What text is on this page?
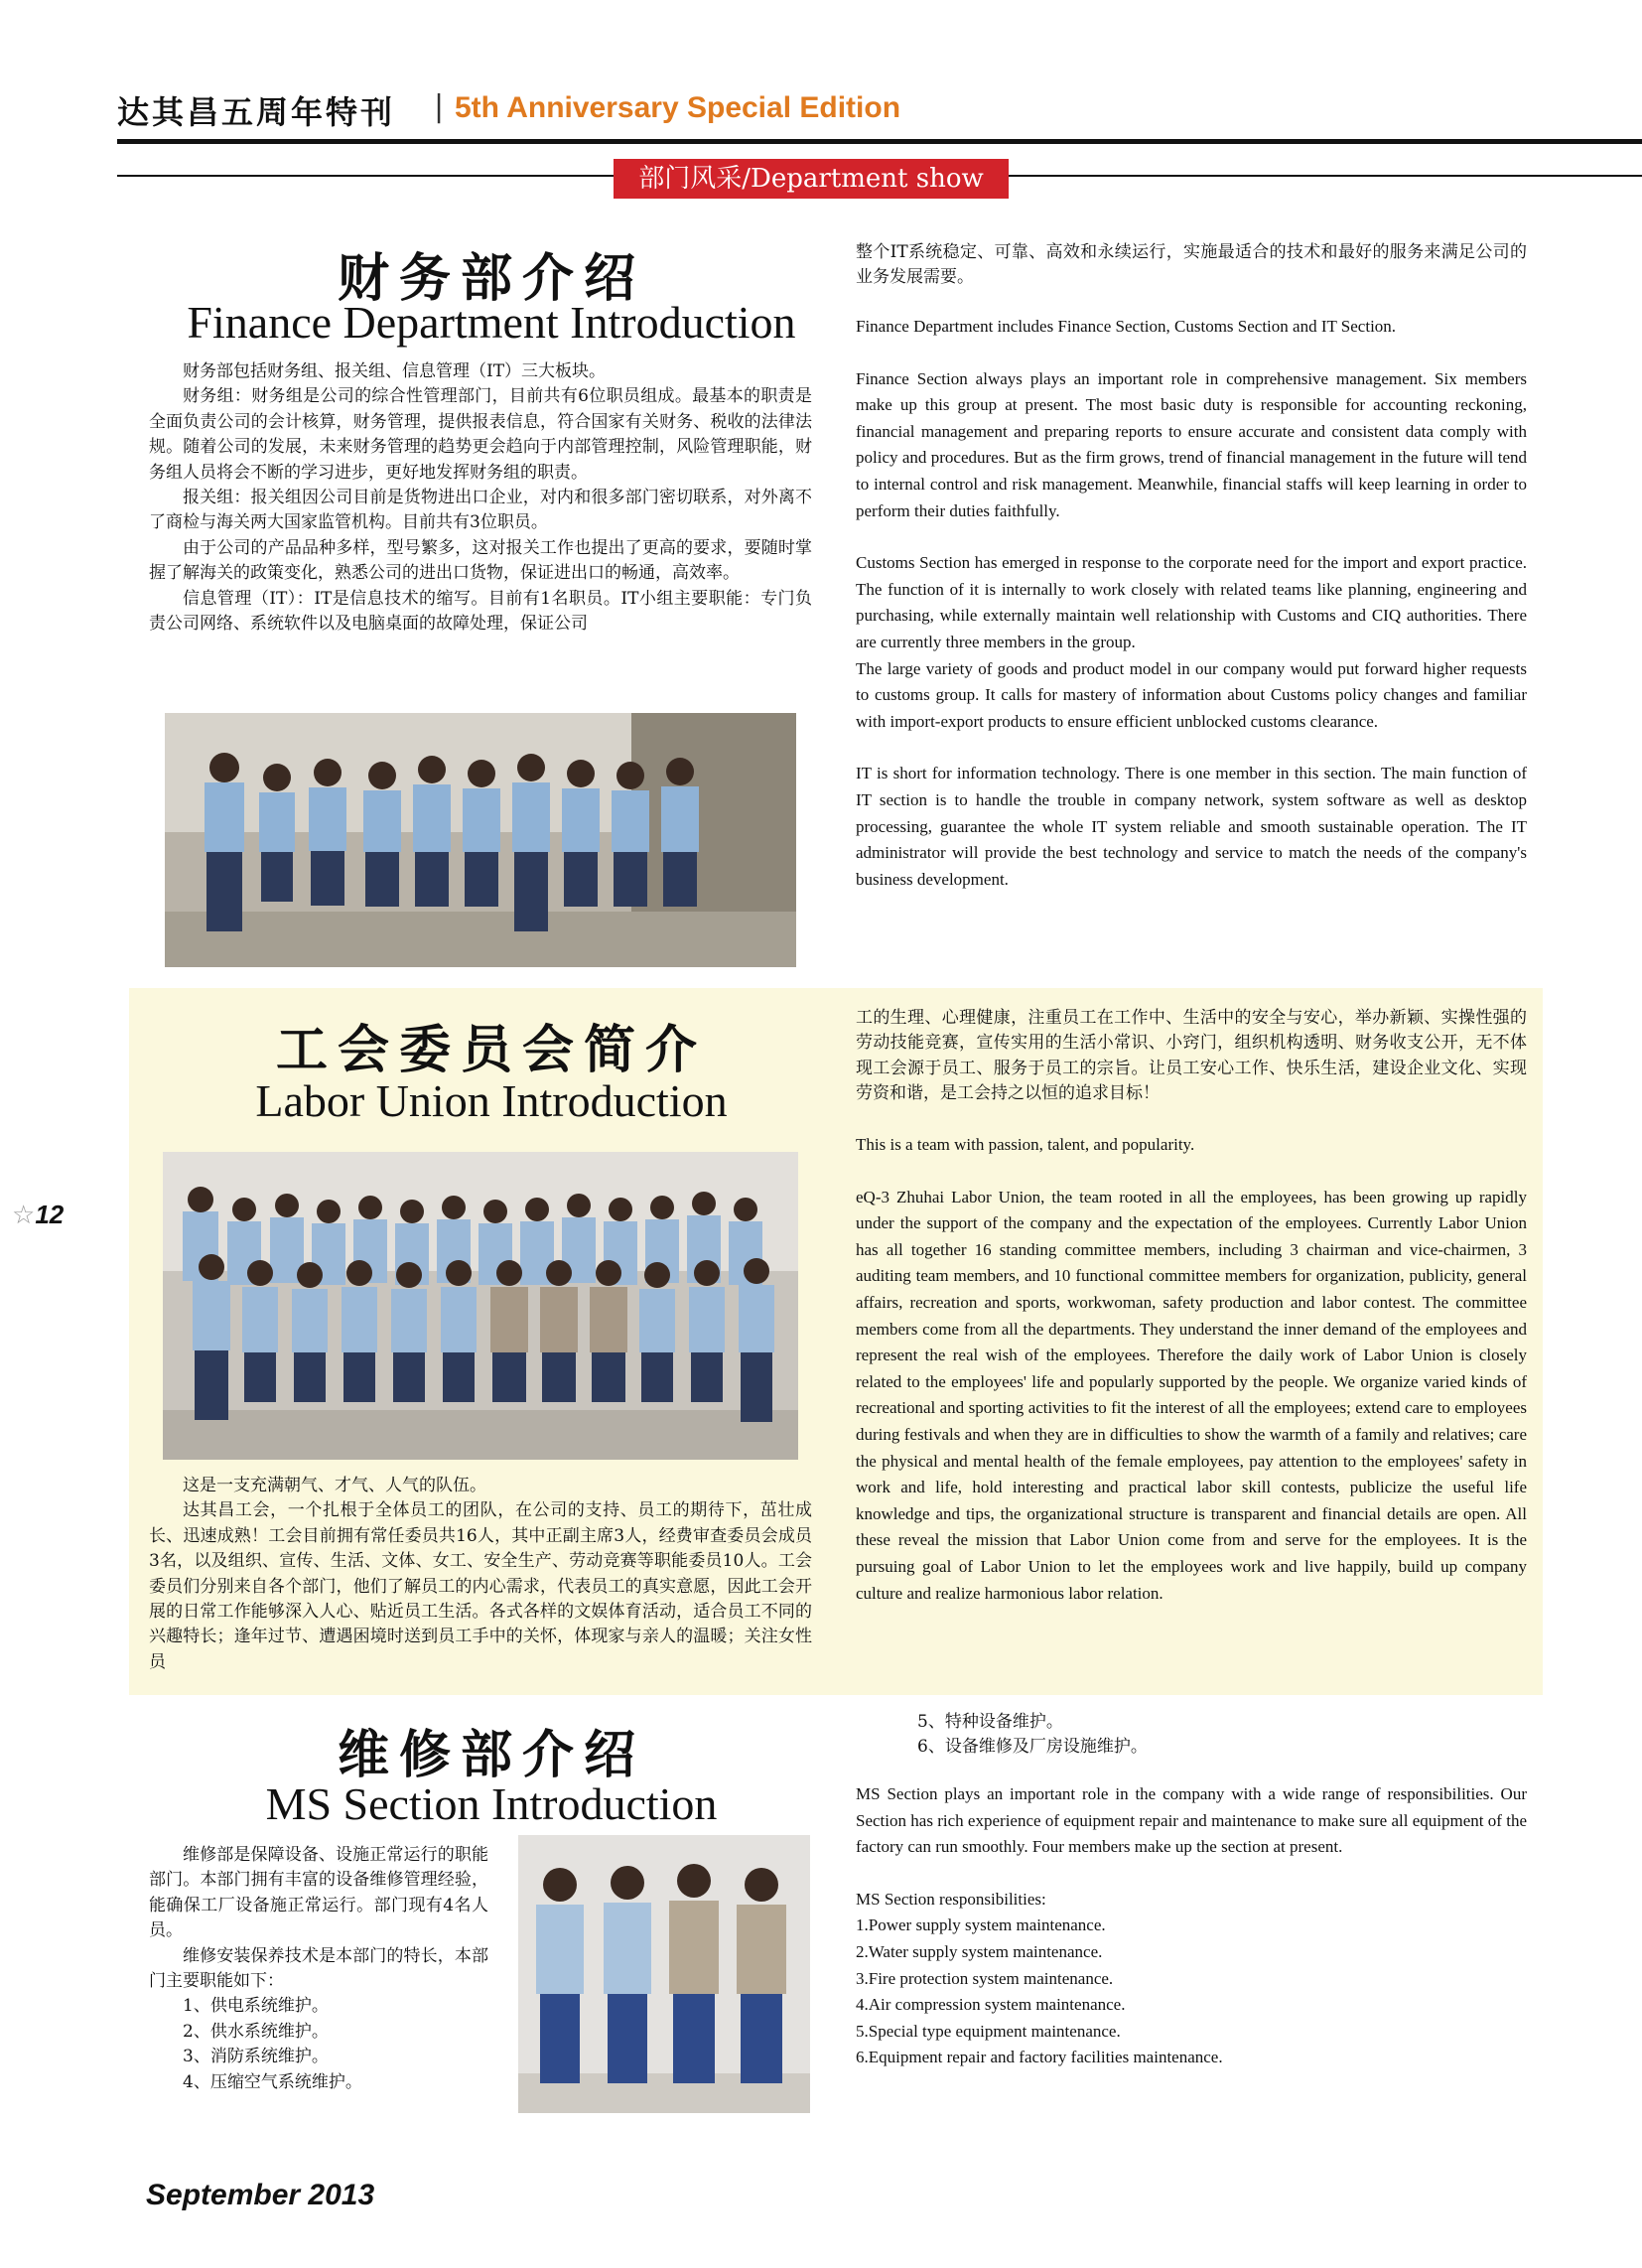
达其昌五周年特刊 | 5th Anniversary Special Edition
部门风采/Department show
财务部介绍
Finance Department Introduction

财务部包括财务组、报关组、信息管理（IT）三大板块。

财务组：财务组是公司的综合性管理部门，目前共有6位职员组成。最基本的职责是全面负责公司的会计核算，财务管理，提供报表信息，符合国家有关财务、税收的法律法规。随着公司的发展，未来财务管理的趋势更会趋向于内部管理控制，风险管理职能，财务组人员将会不断的学习进步，更好地发挥财务组的职责。

报关组：报关组因公司目前是货物进出口企业，对内和很多部门密切联系，对外离不了商检与海关两大国家监管机构。目前共有3位职员。

由于公司的产品品种多样，型号繁多，这对报关工作也提出了更高的要求，要随时掌握了解海关的政策变化，熟悉公司的进出口货物，保证进出口的畅通，高效率。

信息管理（IT）：IT是信息技术的缩写。目前有1名职员。IT小组主要职能：专门负责公司网络、系统软件以及电脑桌面的故障处理，保证公司

整个IT系统稳定、可靠、高效和永续运行，实施最适合的技术和最好的服务来满足公司的业务发展需要。

Finance Department includes Finance Section, Customs Section and IT Section.

Finance Section always plays an important role in comprehensive management. Six members make up this group at present. The most basic duty is responsible for accounting reckoning, financial management and preparing reports to ensure accurate and consistent data comply with policy and procedures. But as the firm grows, trend of financial management in the future will tend to internal control and risk management. Meanwhile, financial staffs will keep learning in order to perform their duties faithfully.

Customs Section has emerged in response to the corporate need for the import and export practice. The function of it is internally to work closely with related teams like planning, engineering and purchasing, while externally maintain well relationship with Customs and CIQ authorities. There are currently three members in the group.

The large variety of goods and product model in our company would put forward higher requests to customs group. It calls for mastery of information about Customs policy changes and familiar with import-export products to ensure efficient unblocked customs clearance.

IT is short for information technology. There is one member in this section. The main function of IT section is to handle the trouble in company network, system software as well as desktop processing, guarantee the whole IT system reliable and smooth sustainable operation. The IT administrator will provide the best technology and service to match the needs of the company's business development.

工会委员会简介
Labor Union Introduction

这是一支充满朝气、才气、人气的队伍。

达其昌工会，一个扎根于全体员工的团队，在公司的支持、员工的期待下，茁壮成长、迅速成熟！工会目前拥有常任委员共16人，其中正副主席3人，经费审查委员会成员3名，以及组织、宣传、生活、文体、女工、安全生产、劳动竞赛等职能委员10人。工会委员们分别来自各个部门，他们了解员工的内心需求，代表员工的真实意愿，因此工会开展的日常工作能够深入人心、贴近员工生活。各式各样的文娱体育活动，适合员工不同的兴趣特长；逢年过节、遭遇困境时送到员工手中的关怀，体现家与亲人的温暖；关注女性员

工的生理、心理健康，注重员工在工作中、生活中的安全与安心，举办新颖、实操性强的劳动技能竞赛，宣传实用的生活小常识、小窍门，组织机构透明、财务收支公开，无不体现工会源于员工、服务于员工的宗旨。让员工安心工作、快乐生活，建设企业文化、实现劳资和谐，是工会持之以恒的追求目标！

This is a team with passion, talent, and popularity.

eQ-3 Zhuhai Labor Union, the team rooted in all the employees, has been growing up rapidly under the support of the company and the expectation of the employees. Currently Labor Union has all together 16 standing committee members, including 3 chairman and vice-chairmen, 3 auditing team members, and 10 functional committee members for organization, publicity, general affairs, recreation and sports, workwoman, safety production and labor contest. The committee members come from all the departments. They understand the inner demand of the employees and represent the real wish of the employees. Therefore the daily work of Labor Union is closely related to the employees' life and popularly supported by the people. We organize varied kinds of recreational and sporting activities to fit the interest of all the employees; extend care to employees during festivals and when they are in difficulties to show the warmth of a family and relatives; care the physical and mental health of the female employees, pay attention to the employees' safety in work and life, hold interesting and practical labor skill contests, publicize the useful life knowledge and tips, the organizational structure is transparent and financial details are open. All these reveal the mission that Labor Union come from and serve for the employees. It is the pursuing goal of Labor Union to let the employees work and live happily, build up company culture and realize harmonious labor relation.

维修部介绍
MS Section Introduction

维修部是保障设备、设施正常运行的职能部门。本部门拥有丰富的设备维修管理经验，能确保工厂设备施正常运行。部门现有4名人员。

维修安装保养技术是本部门的特长，本部门主要职能如下：

1、供电系统维护。

2、供水系统维护。

3、消防系统维护。

4、压缩空气系统维护。

5、特种设备维护。

6、设备维修及厂房设施维护。

MS Section plays an important role in the company with a wide range of responsibilities. Our Section has rich experience of equipment repair and maintenance to make sure all equipment of the factory can run smoothly. Four members make up the section at present.

MS Section responsibilities:

1.Power supply system maintenance.

2.Water supply system maintenance.

3.Fire protection system maintenance.

4.Air compression system maintenance.

5.Special type equipment maintenance.

6.Equipment repair and factory facilities maintenance.

☆12
September 2013
